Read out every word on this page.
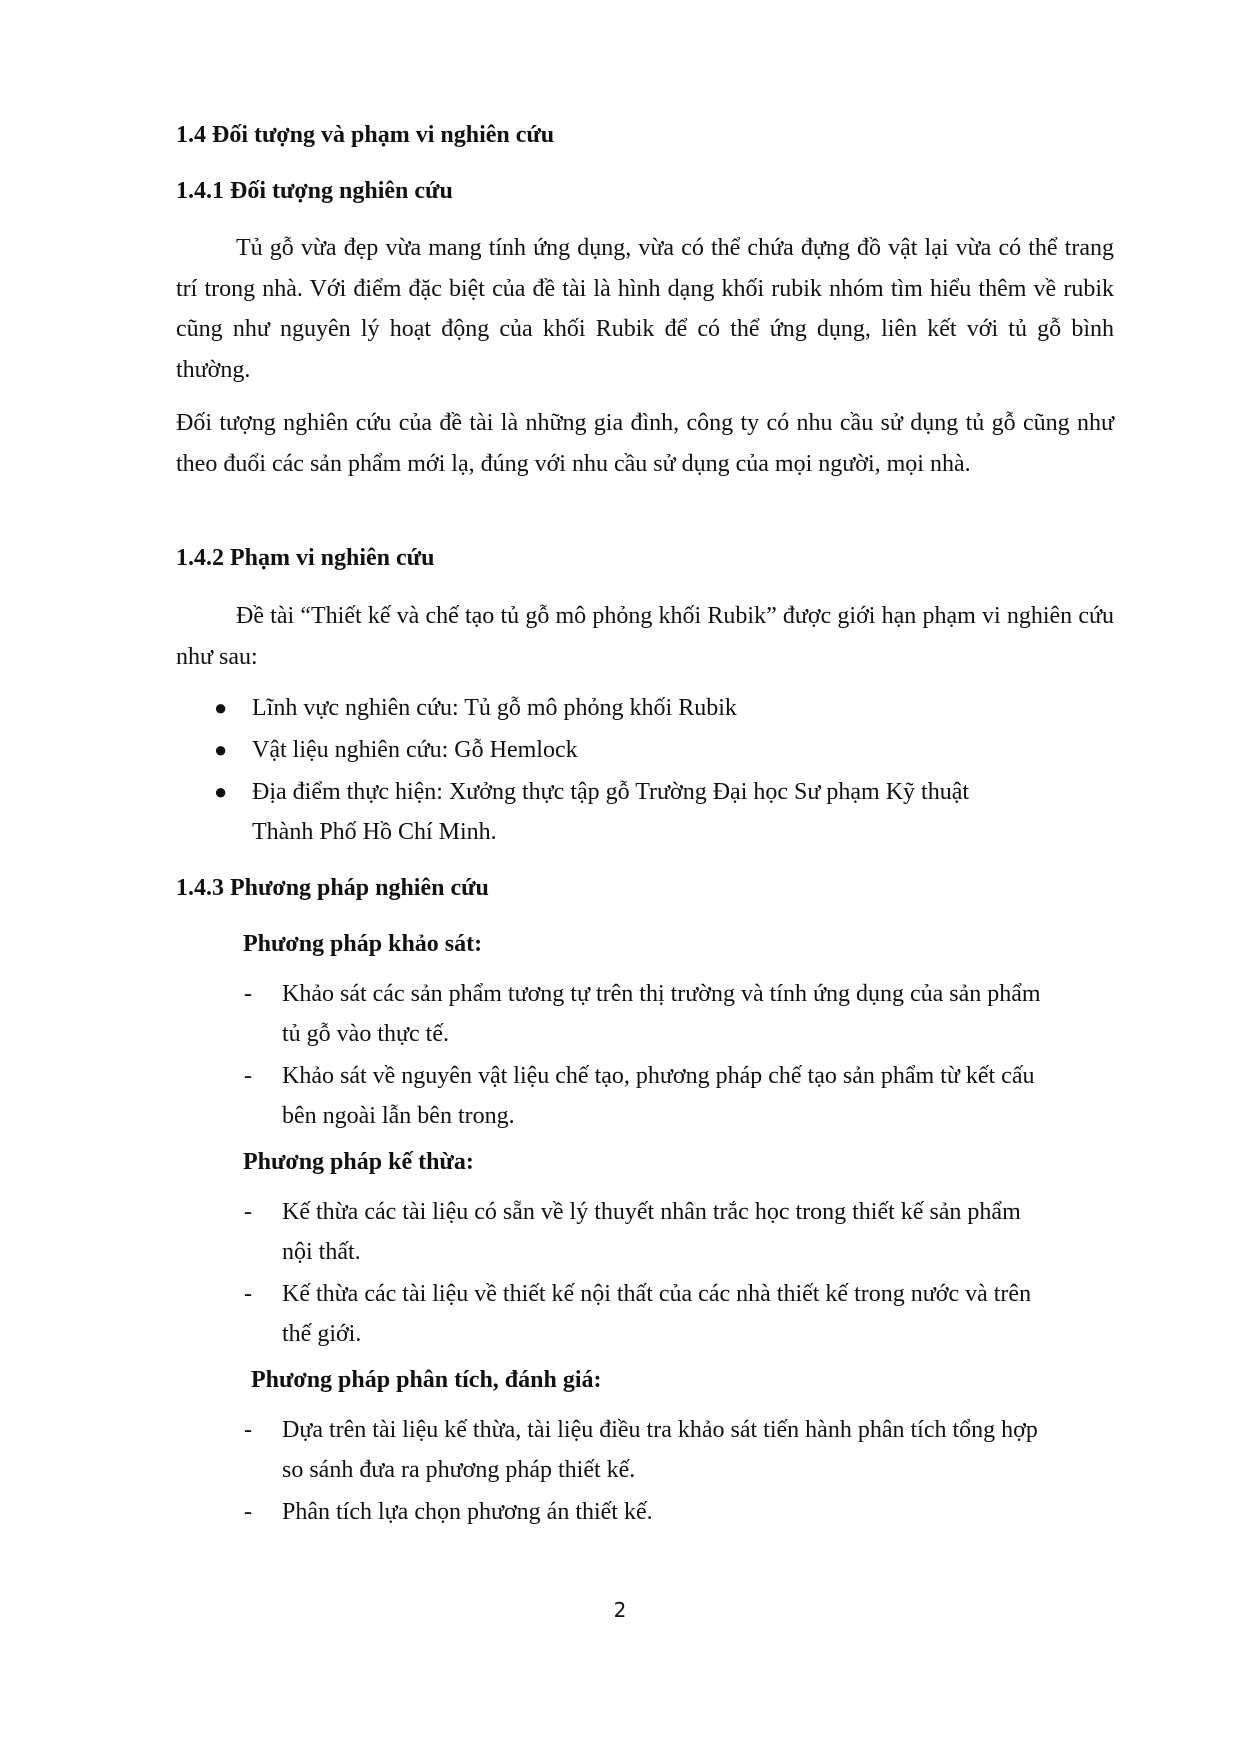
1.4 Đối tượng và phạm vi nghiên cứu
1.4.1 Đối tượng nghiên cứu

Tủ gỗ vừa đẹp vừa mang tính ứng dụng, vừa có thể chứa đựng đồ vật lại vừa có thể trang trí trong nhà. Với điểm đặc biệt của đề tài là hình dạng khối rubik nhóm tìm hiểu thêm về rubik cũng như nguyên lý hoạt động của khối Rubik để có thể ứng dụng, liên kết với tủ gỗ bình thường.

Đối tượng nghiên cứu của đề tài là những gia đình, công ty có nhu cầu sử dụng tủ gỗ cũng như theo đuổi các sản phẩm mới lạ, đúng với nhu cầu sử dụng của mọi người, mọi nhà.

1.4.2 Phạm vi nghiên cứu

Đề tài “Thiết kế và chế tạo tủ gỗ mô phỏng khối Rubik” được giới hạn phạm vi nghiên cứu như sau:

● Lĩnh vực nghiên cứu: Tủ gỗ mô phỏng khối Rubik
● Vật liệu nghiên cứu: Gỗ Hemlock
● Địa điểm thực hiện: Xưởng thực tập gỗ Trường Đại học Sư phạm Kỹ thuật
Thành Phố Hồ Chí Minh.
1.4.3 Phương pháp nghiên cứu
Phương pháp khảo sát:
- Khảo sát các sản phẩm tương tự trên thị trường và tính ứng dụng của sản phẩm
tủ gỗ vào thực tế.
- Khảo sát về nguyên vật liệu chế tạo, phương pháp chế tạo sản phẩm từ kết cấu
bên ngoài lẫn bên trong.
Phương pháp kế thừa:
- Kế thừa các tài liệu có sẵn về lý thuyết nhân trắc học trong thiết kế sản phẩm
nội thất.
- Kế thừa các tài liệu về thiết kế nội thất của các nhà thiết kế trong nước và trên
thế giới.
Phương pháp phân tích, đánh giá:
- Dựa trên tài liệu kế thừa, tài liệu điều tra khảo sát tiến hành phân tích tổng hợp
so sánh đưa ra phương pháp thiết kế.
- Phân tích lựa chọn phương án thiết kế.
2
